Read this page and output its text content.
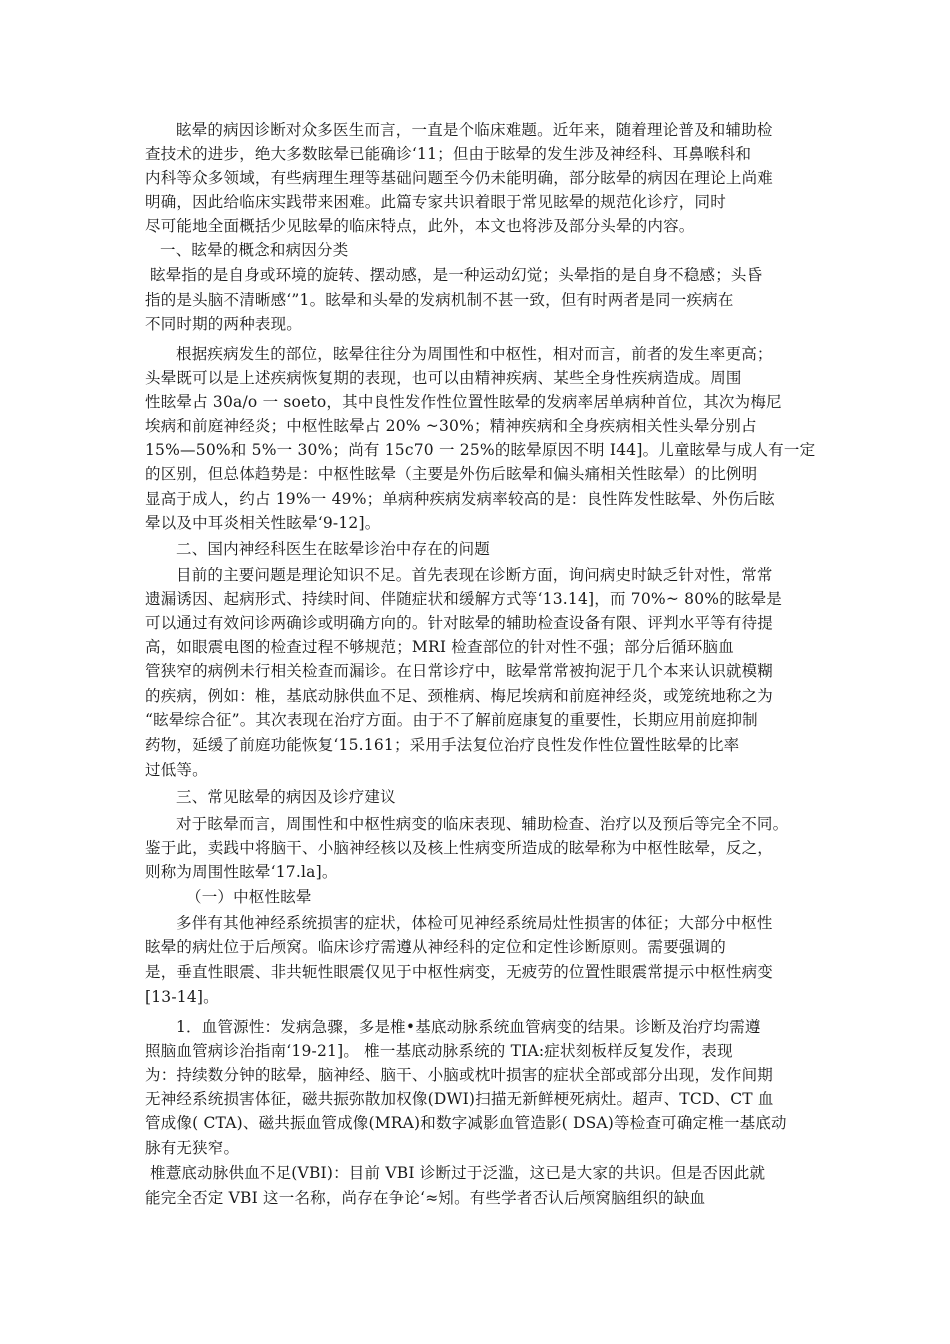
眩晕的病因诊断对众多医生而言，一直是个临床难题。近年来，随着理论普及和辅助检
查技术的进步，绝大多数眩晕已能确诊‘11；但由于眩晕的发生涉及神经科、耳鼻喉科和
内科等众多领域，有些病理生理等基础问题至今仍未能明确，部分眩晕的病因在理论上尚难
明确，因此给临床实践带来困难。此篇专家共识着眼于常见眩晕的规范化诊疗，同时
尽可能地全面概括少见眩晕的临床特点，此外，本文也将涉及部分头晕的内容。
一、眩晕的概念和病因分类
眩晕指的是自身或环境的旋转、摆动感，是一种运动幻觉；头晕指的是自身不稳感；头昏
指的是头脑不清晰感‘”1。眩晕和头晕的发病机制不甚一致，但有时两者是同一疾病在
不同时期的两种表现。
根据疾病发生的部位，眩晕往往分为周围性和中枢性，相对而言，前者的发生率更高；
头晕既可以是上述疾病恢复期的表现，也可以由精神疾病、某些全身性疾病造成。周围
性眩晕占 30a/o 一 soeto，其中良性发作性位置性眩晕的发病率居单病种首位，其次为梅尼
埃病和前庭神经炎；中枢性眩晕占 20% ~30%；精神疾病和全身疾病相关性头晕分别占
15%—50%和 5%一 30%；尚有 15c70 一 25%的眩晕原因不明 I44]。儿童眩晕与成人有一定
的区别，但总体趋势是：中枢性眩晕（主要是外伤后眩晕和偏头痛相关性眩晕）的比例明
显高于成人，约占 19%一 49%；单病种疾病发病率较高的是：良性阵发性眩晕、外伤后眩
晕以及中耳炎相关性眩晕‘9-12]。
二、国内神经科医生在眩晕诊治中存在的问题
目前的主要问题是理论知识不足。首先表现在诊断方面，询问病史时缺乏针对性，常常
遗漏诱因、起病形式、持续时间、伴随症状和缓解方式等‘13.14]，而 70%~ 80%的眩晕是
可以通过有效问诊两确诊或明确方向的。针对眩晕的辅助检查设备有限、评判水平等有待提
高，如眼震电图的检查过程不够规范；MRI 检查部位的针对性不强；部分后循环脑血
管狭窄的病例未行相关检查而漏诊。在日常诊疗中，眩晕常常被拘泥于几个本来认识就模糊
的疾病，例如：椎，基底动脉供血不足、颈椎病、梅尼埃病和前庭神经炎，或笼统地称之为
“眩晕综合征”。其次表现在治疗方面。由于不了解前庭康复的重要性，长期应用前庭抑制
药物，延缓了前庭功能恢复‘15.161；采用手法复位治疗良性发作性位置性眩晕的比率
过低等。
三、常见眩晕的病因及诊疗建议
对于眩晕而言，周围性和中枢性病变的临床表现、辅助检查、治疗以及预后等完全不同。
鉴于此，卖践中将脑干、小脑神经核以及核上性病变所造成的眩晕称为中枢性眩晕，反之，
则称为周围性眩晕‘17.la]。
（一）中枢性眩晕
多伴有其他神经系统损害的症状，体检可见神经系统局灶性损害的体征；大部分中枢性
眩晕的病灶位于后颅窝。临床诊疗需遵从神经科的定位和定性诊断原则。需要强调的
是，垂直性眼震、非共轭性眼震仅见于中枢性病变，无疲劳的位置性眼震常提示中枢性病变
[13-14]。
1．血管源性：发病急骤，多是椎•基底动脉系统血管病变的结果。诊断及治疗均需遵
照脑血管病诊治指南‘19-21]。 椎一基底动脉系统的 TIA:症状刻板样反复发作，表现
为：持续数分钟的眩晕，脑神经、脑干、小脑或枕叶损害的症状全部或部分出现，发作间期
无神经系统损害体征，磁共振弥散加权像(DWI)扫描无新鲜梗死病灶。超声、TCD、CT 血
管成像( CTA)、磁共振血管成像(MRA)和数字减影血管造影( DSA)等检查可确定椎一基底动
脉有无狭窄。
椎薏底动脉供血不足(VBI)：目前 VBI 诊断过于泛滥，这已是大家的共识。但是否因此就
能完全否定 VBI 这一名称，尚存在争论‘≈矧。有些学者否认后颅窝脑组织的缺血
